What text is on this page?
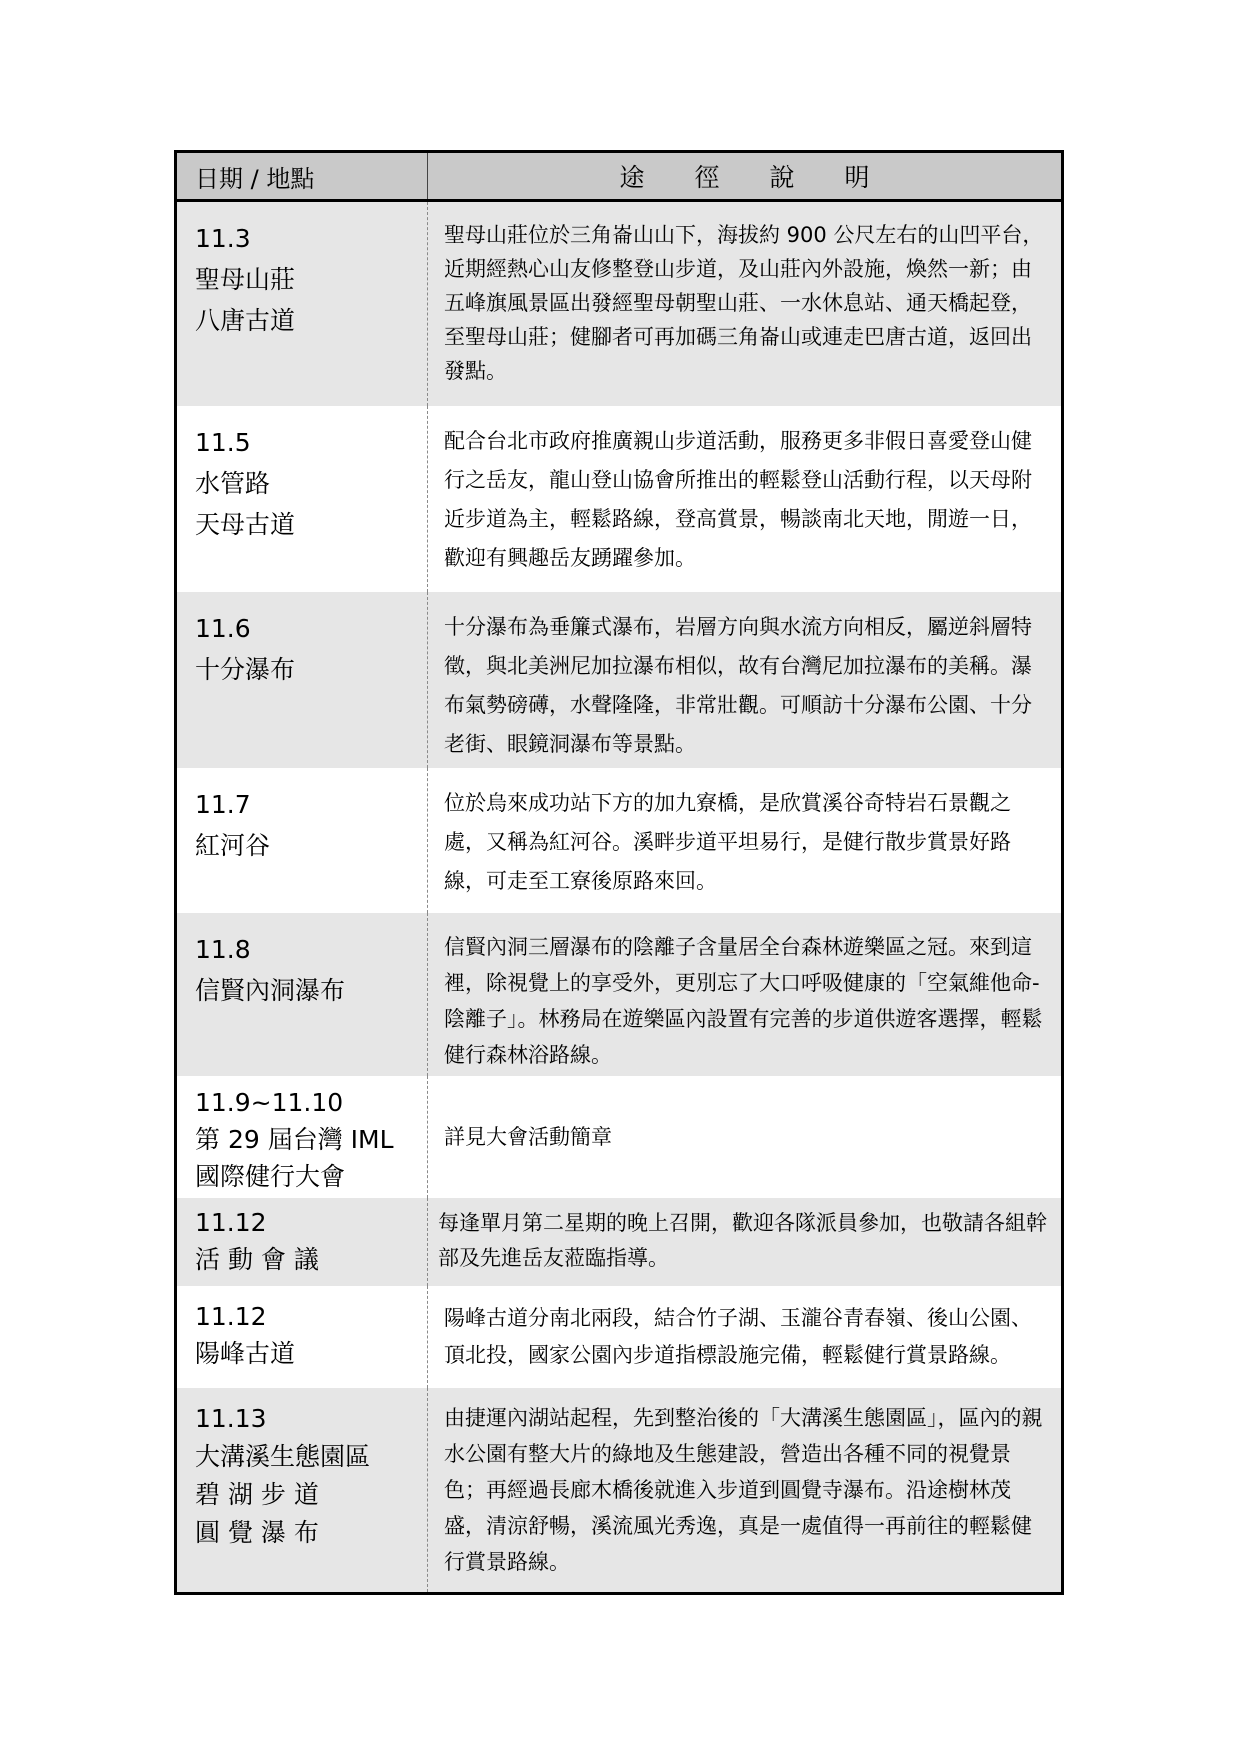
日期 / 地點	途徑說明
11.3
聖母山莊
八唐古道
聖母山莊位於三角崙山山下，海拔約 900 公尺左右的山凹平台，近期經熱心山友修整登山步道，及山莊內外設施，煥然一新；由五峰旗風景區出發經聖母朝聖山莊、一水休息站、通天橋起登，至聖母山莊；健腳者可再加碼三角崙山或連走巴唐古道，返回出發點。
11.5
水管路
天母古道
配合台北市政府推廣親山步道活動，服務更多非假日喜愛登山健行之岳友，龍山登山協會所推出的輕鬆登山活動行程，以天母附近步道為主，輕鬆路線，登高賞景，暢談南北天地，閒遊一日，歡迎有興趣岳友踴躍參加。
11.6
十分瀑布
十分瀑布為垂簾式瀑布，岩層方向與水流方向相反，屬逆斜層特徵，與北美洲尼加拉瀑布相似，故有台灣尼加拉瀑布的美稱。瀑布氣勢磅礡，水聲隆隆，非常壯觀。可順訪十分瀑布公園、十分老街、眼鏡洞瀑布等景點。
11.7
紅河谷
位於烏來成功站下方的加九寮橋，是欣賞溪谷奇特岩石景觀之處，又稱為紅河谷。溪畔步道平坦易行，是健行散步賞景好路線，可走至工寮後原路來回。
11.8
信賢內洞瀑布
信賢內洞三層瀑布的陰離子含量居全台森林遊樂區之冠。來到這裡，除視覺上的享受外，更別忘了大口呼吸健康的「空氣維他命-陰離子」。林務局在遊樂區內設置有完善的步道供遊客選擇，輕鬆健行森林浴路線。
11.9~11.10
第 29 屆台灣 IML
國際健行大會
詳見大會活動簡章
11.12
活 動 會 議
每逢單月第二星期的晚上召開，歡迎各隊派員參加，也敬請各組幹部及先進岳友蒞臨指導。
11.12
陽峰古道
陽峰古道分南北兩段，結合竹子湖、玉瀧谷青春嶺、後山公園、頂北投，國家公園內步道指標設施完備，輕鬆健行賞景路線。
11.13
大溝溪生態園區
碧 湖 步 道
圓 覺 瀑 布
由捷運內湖站起程，先到整治後的「大溝溪生態園區」，區內的親水公園有整大片的綠地及生態建設，營造出各種不同的視覺景色；再經過長廊木橋後就進入步道到圓覺寺瀑布。沿途樹林茂盛，清涼舒暢，溪流風光秀逸，真是一處值得一再前往的輕鬆健行賞景路線。
